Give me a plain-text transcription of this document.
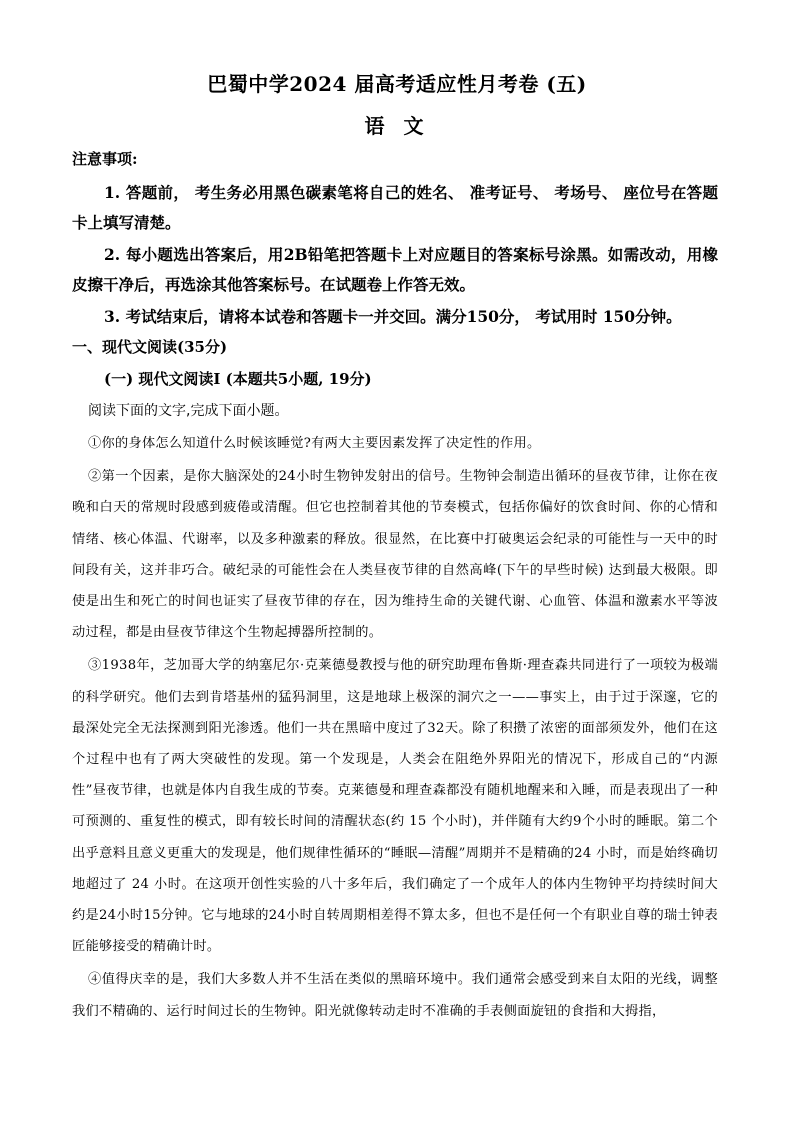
巴蜀中学2024 届高考适应性月考卷 (五)
语 文
注意事项:

1. 答题前， 考生务必用黑色碳素笔将自己的姓名、 准考证号、 考场号、 座位号在答题卡上填写清楚。

2. 每小题选出答案后，用2B铅笔把答题卡上对应题目的答案标号涂黑。如需改动，用橡皮擦干净后，再选涂其他答案标号。在试题卷上作答无效。

3. 考试结束后，请将本试卷和答题卡一并交回。满分150分， 考试用时 150分钟。

一、现代文阅读(35分)
(一) 现代文阅读Ⅰ (本题共5小题, 19分)
阅读下面的文字,完成下面小题。

①你的身体怎么知道什么时候该睡觉?有两大主要因素发挥了决定性的作用。

②第一个因素，是你大脑深处的24小时生物钟发射出的信号。生物钟会制造出循环的昼夜节律，让你在夜晚和白天的常规时段感到疲倦或清醒。但它也控制着其他的节奏模式，包括你偏好的饮食时间、你的心情和情绪、核心体温、代谢率，以及多种激素的释放。很显然，在比赛中打破奥运会纪录的可能性与一天中的时间段有关，这并非巧合。破纪录的可能性会在人类昼夜节律的自然高峰(下午的早些时候) 达到最大极限。即使是出生和死亡的时间也证实了昼夜节律的存在，因为维持生命的关键代谢、心血管、体温和激素水平等波动过程，都是由昼夜节律这个生物起搏器所控制的。

③1938年，芝加哥大学的纳塞尼尔·克莱德曼教授与他的研究助理布鲁斯·理查森共同进行了一项较为极端的科学研究。他们去到肯塔基州的猛犸洞里，这是地球上极深的洞穴之一——事实上，由于过于深邃，它的最深处完全无法探测到阳光渗透。他们一共在黑暗中度过了32天。除了积攒了浓密的面部须发外，他们在这个过程中也有了两大突破性的发现。第一个发现是，人类会在阻绝外界阳光的情况下，形成自己的“内源性”昼夜节律，也就是体内自我生成的节奏。克莱德曼和理查森都没有随机地醒来和入睡，而是表现出了一种可预测的、重复性的模式，即有较长时间的清醒状态(约 15 个小时)，并伴随有大约9个小时的睡眠。第二个出乎意料且意义更重大的发现是，他们规律性循环的“睡眠—清醒”周期并不是精确的24 小时，而是始终确切地超过了 24 小时。在这项开创性实验的八十多年后，我们确定了一个成年人的体内生物钟平均持续时间大约是24小时15分钟。它与地球的24小时自转周期相差得不算太多，但也不是任何一个有职业自尊的瑞士钟表匠能够接受的精确计时。

④值得庆幸的是，我们大多数人并不生活在类似的黑暗环境中。我们通常会感受到来自太阳的光线，调整我们不精确的、运行时间过长的生物钟。阳光就像转动走时不准确的手表侧面旋钮的食指和大拇指，
